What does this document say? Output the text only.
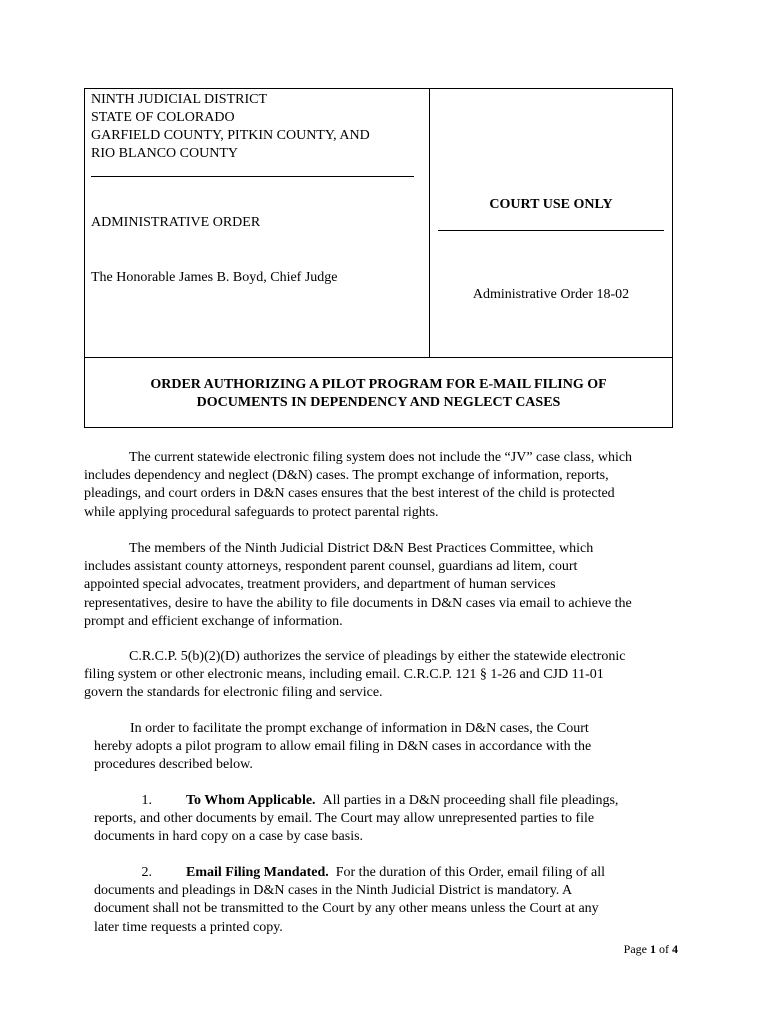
NINTH JUDICIAL DISTRICT
STATE OF COLORADO
GARFIELD COUNTY, PITKIN COUNTY, AND
RIO BLANCO COUNTY
ADMINISTRATIVE ORDER
The Honorable James B. Boyd, Chief Judge
COURT USE ONLY
Administrative Order 18-02
ORDER AUTHORIZING A PILOT PROGRAM FOR E-MAIL FILING OF
DOCUMENTS IN DEPENDENCY AND NEGLECT CASES
The current statewide electronic filing system does not include the “JV” case class, which
includes dependency and neglect (D&N) cases. The prompt exchange of information, reports,
pleadings, and court orders in D&N cases ensures that the best interest of the child is protected
while applying procedural safeguards to protect parental rights.
The members of the Ninth Judicial District D&N Best Practices Committee, which
includes assistant county attorneys, respondent parent counsel, guardians ad litem, court
appointed special advocates, treatment providers, and department of human services
representatives, desire to have the ability to file documents in D&N cases via email to achieve the
prompt and efficient exchange of information.
C.R.C.P. 5(b)(2)(D) authorizes the service of pleadings by either the statewide electronic
filing system or other electronic means, including email. C.R.C.P. 121 § 1-26 and CJD 11-01
govern the standards for electronic filing and service.
In order to facilitate the prompt exchange of information in D&N cases, the Court
hereby adopts a pilot program to allow email filing in D&N cases in accordance with the
procedures described below.
1. To Whom Applicable. All parties in a D&N proceeding shall file pleadings,
reports, and other documents by email. The Court may allow unrepresented parties to file
documents in hard copy on a case by case basis.
2. Email Filing Mandated. For the duration of this Order, email filing of all
documents and pleadings in D&N cases in the Ninth Judicial District is mandatory. A
document shall not be transmitted to the Court by any other means unless the Court at any
later time requests a printed copy.
Page 1 of 4
